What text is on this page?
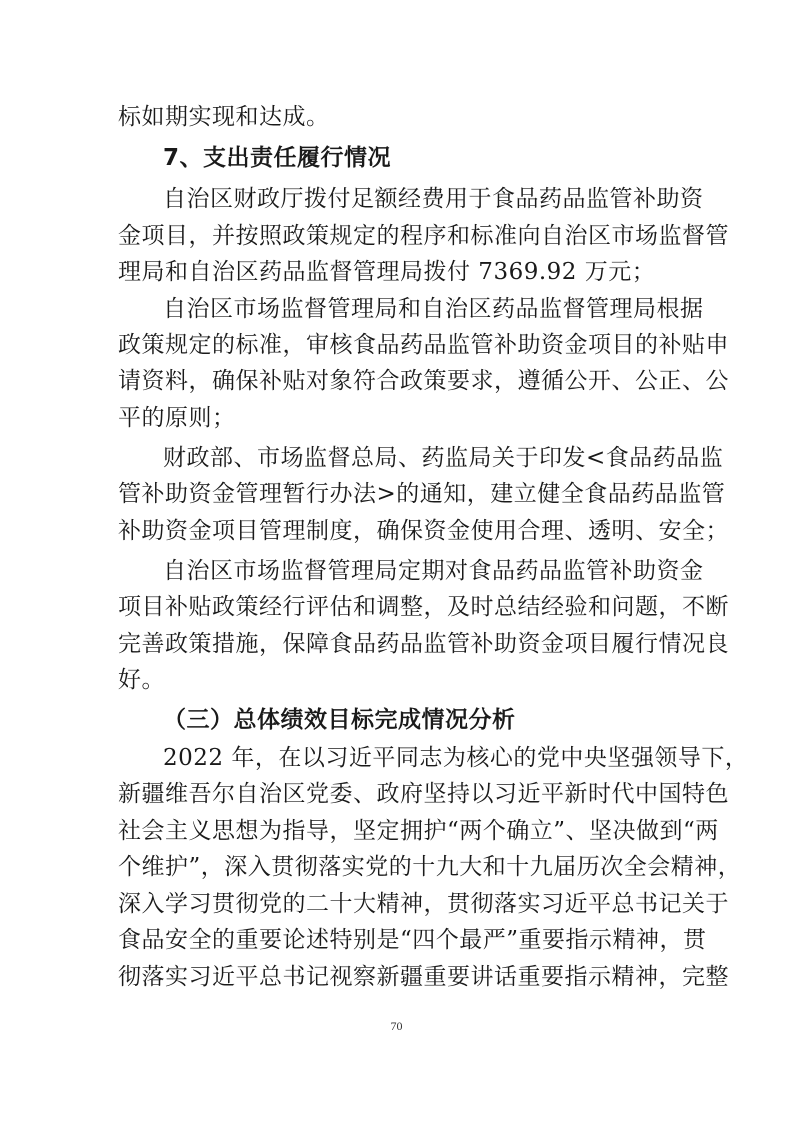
标如期实现和达成。
7、支出责任履行情况
自治区财政厅拨付足额经费用于食品药品监管补助资
金项目，并按照政策规定的程序和标准向自治区市场监督管
理局和自治区药品监督管理局拨付 7369.92 万元；
自治区市场监督管理局和自治区药品监督管理局根据
政策规定的标准，审核食品药品监管补助资金项目的补贴申
请资料，确保补贴对象符合政策要求，遵循公开、公正、公
平的原则；
财政部、市场监督总局、药监局关于印发<食品药品监
管补助资金管理暂行办法>的通知，建立健全食品药品监管
补助资金项目管理制度，确保资金使用合理、透明、安全；
自治区市场监督管理局定期对食品药品监管补助资金
项目补贴政策经行评估和调整，及时总结经验和问题，不断
完善政策措施，保障食品药品监管补助资金项目履行情况良
好。
（三）总体绩效目标完成情况分析
2022 年，在以习近平同志为核心的党中央坚强领导下，
新疆维吾尔自治区党委、政府坚持以习近平新时代中国特色
社会主义思想为指导，坚定拥护“两个确立”、坚决做到“两
个维护”，深入贯彻落实党的十九大和十九届历次全会精神，
深入学习贯彻党的二十大精神，贯彻落实习近平总书记关于
食品安全的重要论述特别是“四个最严”重要指示精神，贯
彻落实习近平总书记视察新疆重要讲话重要指示精神，完整
70
